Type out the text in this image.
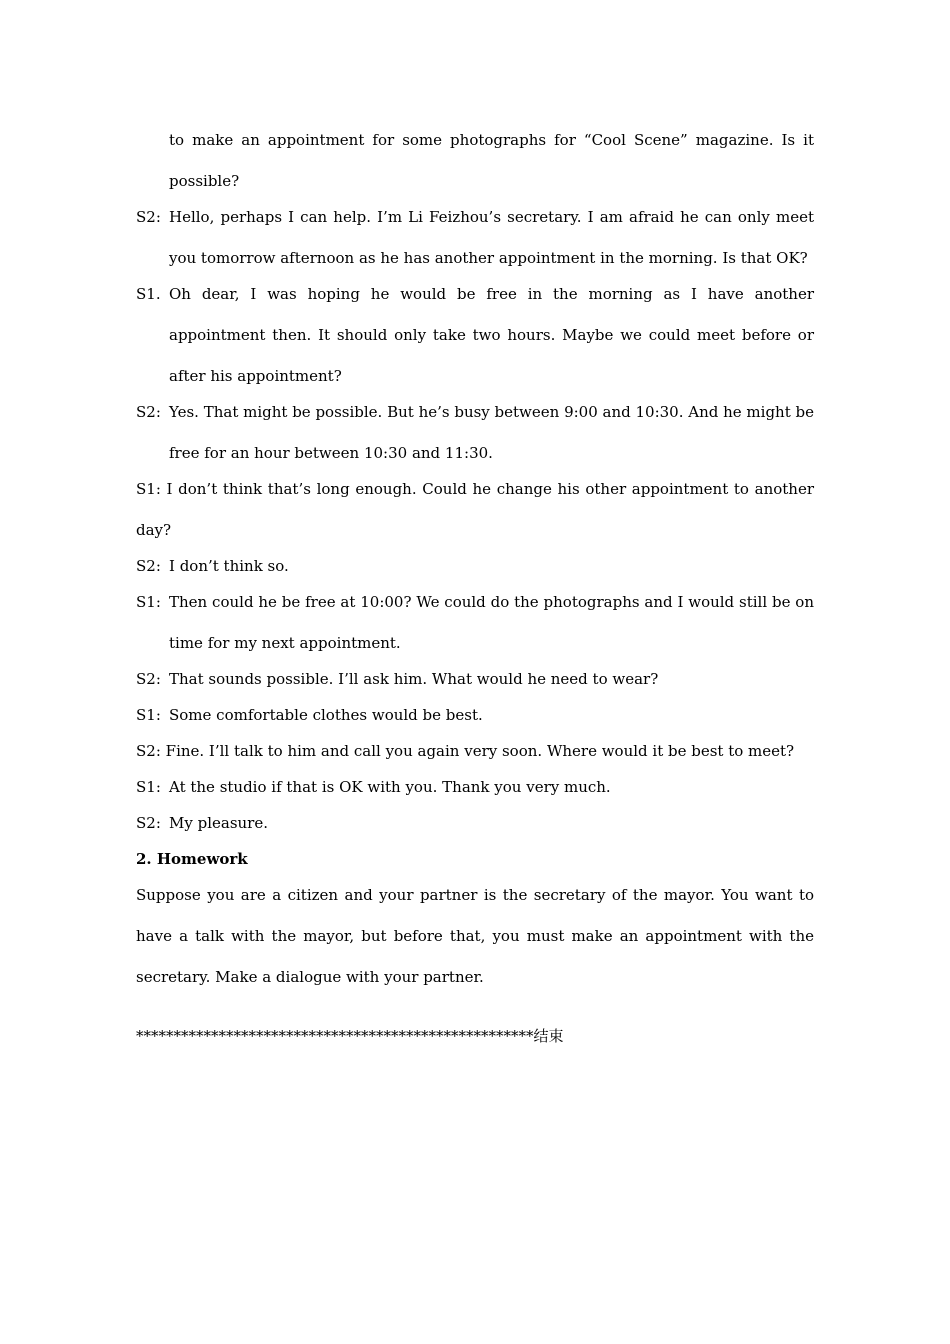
to make an appointment for some photographs for “Cool Scene” magazine. Is it possible?
S2: Hello, perhaps I can help. I’m Li Feizhou’s secretary. I am afraid he can only meet you tomorrow afternoon as he has another appointment in the morning. Is that OK?
S1. Oh dear, I was hoping he would be free in the morning as I have another appointment then. It should only take two hours. Maybe we could meet before or after his appointment?
S2: Yes. That might be possible. But he’s busy between 9:00 and 10:30. And he might be free for an hour between 10:30 and 11:30.
S1: I don’t think that’s long enough. Could he change his other appointment to another day?
S2: I don’t think so.
S1: Then could he be free at 10:00? We could do the photographs and I would still be on time for my next appointment.
S2: That sounds possible. I’ll ask him. What would he need to wear?
S1: Some comfortable clothes would be best.
S2: Fine. I’ll talk to him and call you again very soon. Where would it be best to meet?
S1: At the studio if that is OK with you. Thank you very much.
S2: My pleasure.
2. Homework
Suppose you are a citizen and your partner is the secretary of the mayor. You want to have a talk with the mayor, but before that, you must make an appointment with the secretary. Make a dialogue with your partner.
*****************************************************结束
